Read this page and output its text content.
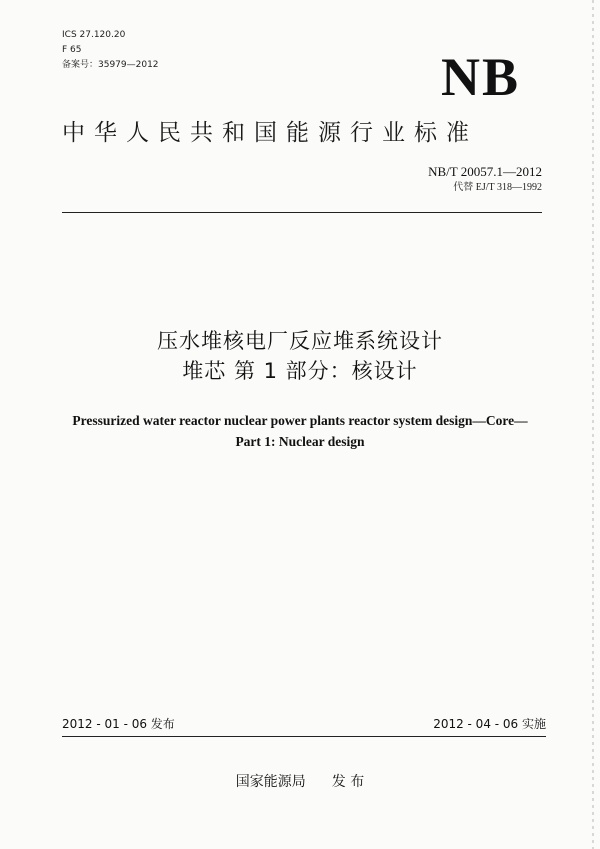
ICS 27.120.20
F 65
备案号：35979—2012	NB
中华人民共和国能源行业标准
NB/T 20057.1—2012
代替 EJ/T 318—1992
压水堆核电厂反应堆系统设计
堆芯 第 1 部分：核设计
Pressurized water reactor nuclear power plants reactor system design—Core—
Part 1: Nuclear design
2012 - 01 - 06 发布	2012 - 04 - 06 实施
国家能源局 发 布
